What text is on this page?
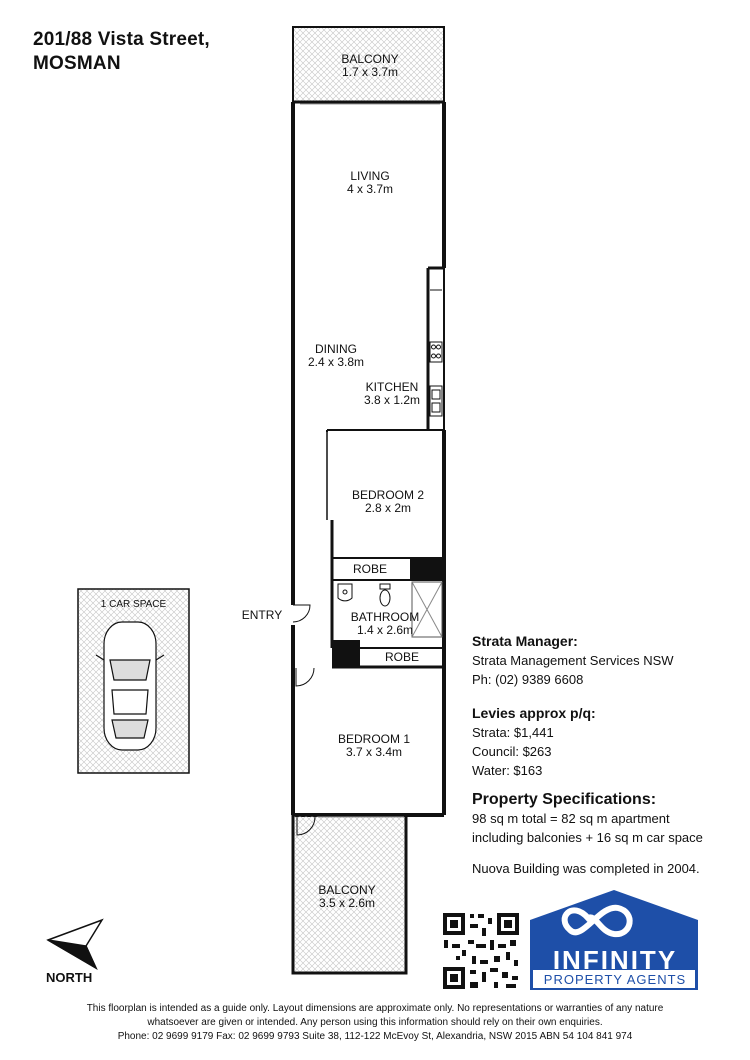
201/88 Vista Street,
MOSMAN	BALCONY
1.7 x 3.7m
LIVING
4 x 3.7m
DINING
2.4 x 3.8m
KITCHEN
3.8 x 1.2m
BEDROOM 2
2.8 x 2m
ROBE
BATHROOM
1.4 x 2.6m
ROBE
ENTRY
BEDROOM 1
3.7 x 3.4m
BALCONY
3.5 x 2.6m
1 CAR SPACE
NORTH
Strata Manager:
Strata Management Services NSW
Ph: (02) 9389 6608
Levies approx p/q:
Strata: $1,441
Council: $263
Water: $163
Property Specifications:
98 sq m total = 82 sq m apartment
including balconies + 16 sq m car space
Nuova Building was completed in 2004.
INFINITY
PROPERTY AGENTS
This floorplan is intended as a guide only. Layout dimensions are approximate only. No representations or warranties of any nature
whatsoever are given or intended. Any person using this information should rely on their own enquiries.
Phone: 02 9699 9179 Fax: 02 9699 9793 Suite 38, 112-122 McEvoy St, Alexandria, NSW 2015 ABN 54 104 841 974
